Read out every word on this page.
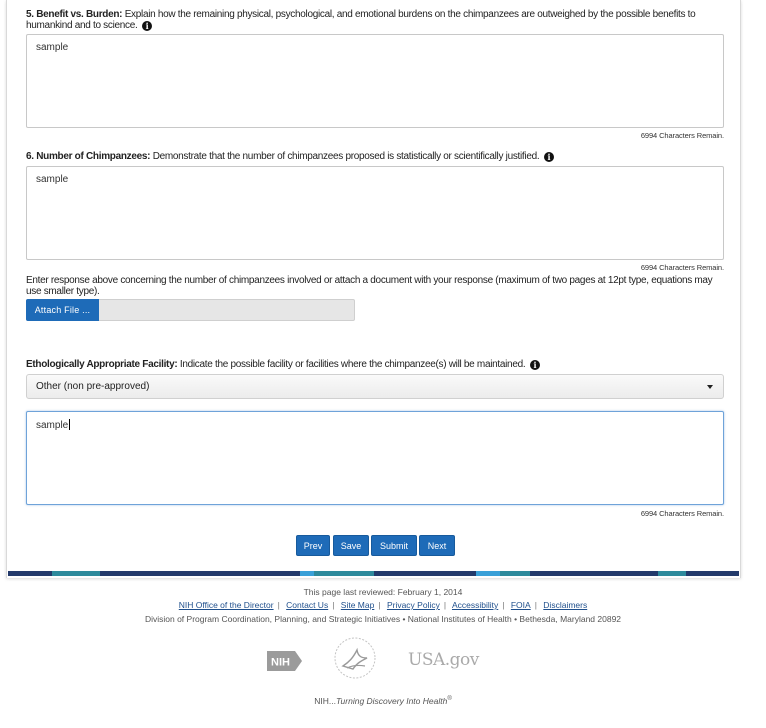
5. Benefit vs. Burden: Explain how the remaining physical, psychological, and emotional burdens on the chimpanzees are outweighed by the possible benefits to humankind and to science. i
sample
6994 Characters Remain.
6. Number of Chimpanzees: Demonstrate that the number of chimpanzees proposed is statistically or scientifically justified. i
sample
6994 Characters Remain.
Enter response above concerning the number of chimpanzees involved or attach a document with your response (maximum of two pages at 12pt type, equations may use smaller type).
Attach File ...
Ethologically Appropriate Facility: Indicate the possible facility or facilities where the chimpanzee(s) will be maintained. i
Other (non pre-approved)
sample
6994 Characters Remain.
Prev	Save	Submit	Next
This page last reviewed: February 1, 2014
NIH Office of the Director | Contact Us | Site Map | Privacy Policy | Accessibility | FOIA | Disclaimers
Division of Program Coordination, Planning, and Strategic Initiatives • National Institutes of Health • Bethesda, Maryland 20892
NIH	USA.gov
NIH...Turning Discovery Into Health®
